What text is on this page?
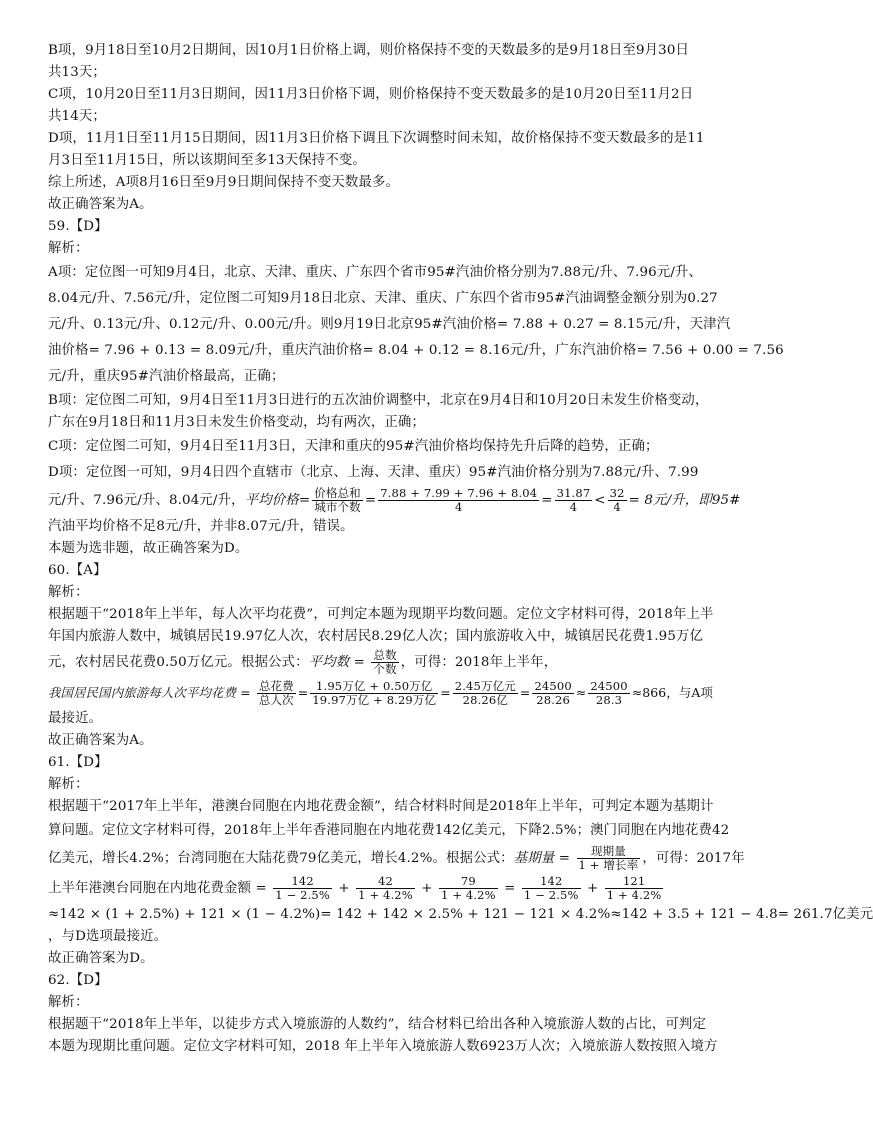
B项，9月18日至10月2日期间，因10月1日价格上调，则价格保持不变的天数最多的是9月18日至9月30日
共13天；
C项，10月20日至11月3日期间，因11月3日价格下调，则价格保持不变天数最多的是10月20日至11月2日
共14天；
D项，11月1日至11月15日期间，因11月3日价格下调且下次调整时间未知，故价格保持不变天数最多的是11
月3日至11月15日，所以该期间至多13天保持不变。
综上所述，A项8月16日至9月9日期间保持不变天数最多。
故正确答案为A。
59.【D】
解析：
A项：定位图一可知9月4日，北京、天津、重庆、广东四个省市95#汽油价格分别为7.88元/升、7.96元/升、
8.04元/升、7.56元/升，定位图二可知9月18日北京、天津、重庆、广东四个省市95#汽油调整金额分别为0.27
元/升、0.13元/升、0.12元/升、0.00元/升。则9月19日北京95#汽油价格= 7.88 + 0.27 = 8.15元/升，天津汽
油价格= 7.96 + 0.13 = 8.09元/升，重庆汽油价格= 8.04 + 0.12 = 8.16元/升，广东汽油价格= 7.56 + 0.00 = 7.56
元/升，重庆95#汽油价格最高，正确；
B项：定位图二可知，9月4日至11月3日进行的五次油价调整中，北京在9月4日和10月20日未发生价格变动，
广东在9月18日和11月3日未发生价格变动，均有两次，正确；
C项：定位图二可知，9月4日至11月3日，天津和重庆的95#汽油价格均保持先升后降的趋势，正确；
D项：定位图一可知，9月4日四个直辖市（北京、上海、天津、重庆）95#汽油价格分别为7.88元/升、7.99
元/升、7.96元/升、8.04元/升，平均价格= $\frac{\text{价格总和}}{\text{城市个数}} = \frac{7.88 + 7.99 + 7.96 + 8.04}{4} = \frac{31.87}{4} < \frac{32}{4} = 8$元/升，即95#
汽油平均价格不足8元/升，并非8.07元/升，错误。
本题为选非题，故正确答案为D。
60.【A】
解析：
根据题干“2018年上半年，每人次平均花费”，可判定本题为现期平均数问题。定位文字材料可得，2018年上半
年国内旅游人数中，城镇居民19.97亿人次，农村居民8.29亿人次；国内旅游收入中，城镇居民花费1.95万亿
元，农村居民花费0.50万亿元。根据公式：平均数 = $\frac{\text{总数}}{\text{个数}}$ ，可得：2018年上半年，
我国居民国内旅游每人次平均花费 = $\frac{\text{总花费}}{\text{总人次}} = \frac{\text{1.95万亿 + 0.50万亿}}{\text{19.97万亿 + 8.29万亿}} = \frac{\text{2.45万亿元}}{\text{28.26亿}} = \frac{24500}{28.26} \approx \frac{24500}{28.3} \approx 866$，与A项
最接近。
故正确答案为A。
61.【D】
解析：
根据题干“2017年上半年，港澳台同胞在内地花费金额”，结合材料时间是2018年上半年，可判定本题为基期计
算问题。定位文字材料可得，2018年上半年香港同胞在内地花费142亿美元，下降2.5%；澳门同胞在内地花费42
亿美元，增长4.2%；台湾同胞在大陆花费79亿美元，增长4.2%。根据公式：基期量 = $\frac{\text{现期量}}{\text{1 + 增长率}}$ ，可得：2017年
上半年港澳台同胞在内地花费金额 = $\frac{142}{1 - 2.5\%} + \frac{42}{1 + 4.2\%} + \frac{79}{1 + 4.2\%} = \frac{142}{1 - 2.5\%} + \frac{121}{1 + 4.2\%}$
≈142 × (1 + 2.5%) + 121 × (1 − 4.2%)= 142 + 142 × 2.5% + 121 − 121 × 4.2%≈142 + 3.5 + 121 − 4.8= 261.7亿美元
，与D选项最接近。
故正确答案为D。
62.【D】
解析：
根据题干“2018年上半年，以徒步方式入境旅游的人数约”，结合材料已给出各种入境旅游人数的占比，可判定
本题为现期比重问题。定位文字材料可知，2018 年上半年入境旅游人数6923万人次；入境旅游人数按照入境方
